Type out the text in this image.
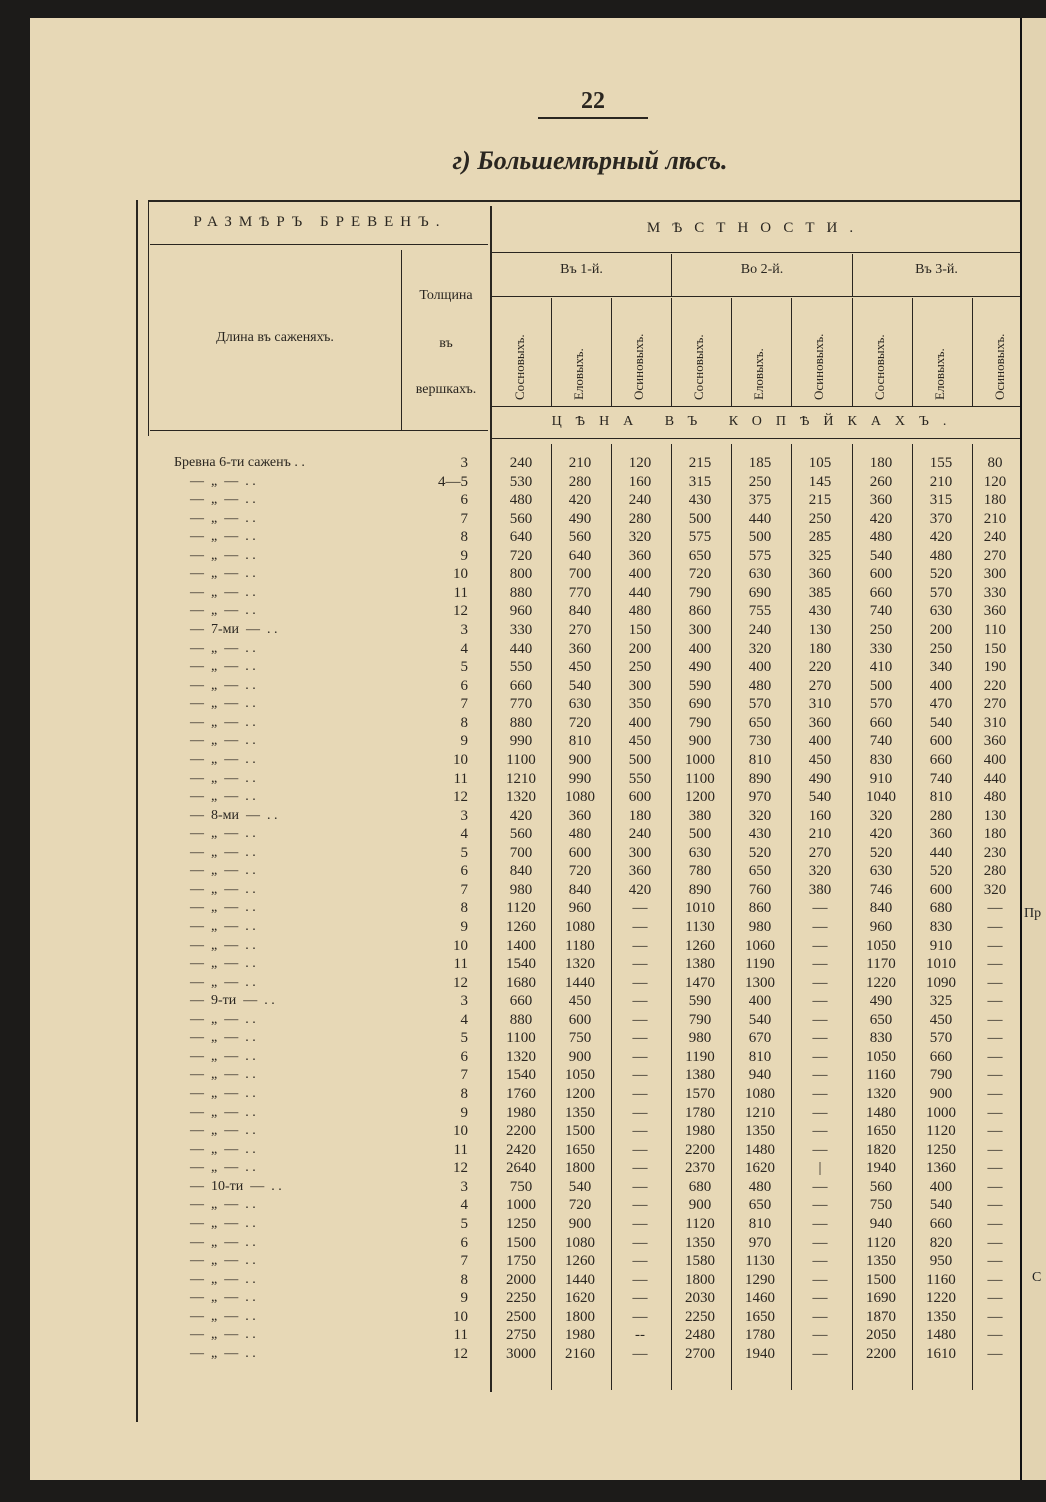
Пр
С
22
г) Большемѣрный лѣсъ.
РАЗМѢРЪ БРЕВЕНЪ.	МѢСТНОСТИ.
Длина въ саженяхъ.
Толщина
въ
вершкахъ.
Въ 1-й.	Во 2-й.	Въ 3-й.
ЦѢНА ВЪ КОПѢЙКАХЪ.
Сосновыхъ.	Еловыхъ.	Осиновыхъ.	Сосновыхъ.	Еловыхъ.	Осиновыхъ.	Сосновыхъ.	Еловыхъ.	Осиновыхъ.
Бревна 6-ти саженъ . .	3	240	210	120	215	185	105	180	155	80
—  „  —  . .	4—5	530	280	160	315	250	145	260	210	120
—  „  —  . .	6	480	420	240	430	375	215	360	315	180
—  „  —  . .	7	560	490	280	500	440	250	420	370	210
—  „  —  . .	8	640	560	320	575	500	285	480	420	240
—  „  —  . .	9	720	640	360	650	575	325	540	480	270
—  „  —  . .	10	800	700	400	720	630	360	600	520	300
—  „  —  . .	11	880	770	440	790	690	385	660	570	330
—  „  —  . .	12	960	840	480	860	755	430	740	630	360
—  7-ми  —  . .	3	330	270	150	300	240	130	250	200	110
—  „  —  . .	4	440	360	200	400	320	180	330	250	150
—  „  —  . .	5	550	450	250	490	400	220	410	340	190
—  „  —  . .	6	660	540	300	590	480	270	500	400	220
—  „  —  . .	7	770	630	350	690	570	310	570	470	270
—  „  —  . .	8	880	720	400	790	650	360	660	540	310
—  „  —  . .	9	990	810	450	900	730	400	740	600	360
—  „  —  . .	10	1100	900	500	1000	810	450	830	660	400
—  „  —  . .	11	1210	990	550	1100	890	490	910	740	440
—  „  —  . .	12	1320	1080	600	1200	970	540	1040	810	480
—  8-ми  —  . .	3	420	360	180	380	320	160	320	280	130
—  „  —  . .	4	560	480	240	500	430	210	420	360	180
—  „  —  . .	5	700	600	300	630	520	270	520	440	230
—  „  —  . .	6	840	720	360	780	650	320	630	520	280
—  „  —  . .	7	980	840	420	890	760	380	746	600	320
—  „  —  . .	8	1120	960	—	1010	860	—	840	680	—
—  „  —  . .	9	1260	1080	—	1130	980	—	960	830	—
—  „  —  . .	10	1400	1180	—	1260	1060	—	1050	910	—
—  „  —  . .	11	1540	1320	—	1380	1190	—	1170	1010	—
—  „  —  . .	12	1680	1440	—	1470	1300	—	1220	1090	—
—  9-ти  —  . .	3	660	450	—	590	400	—	490	325	—
—  „  —  . .	4	880	600	—	790	540	—	650	450	—
—  „  —  . .	5	1100	750	—	980	670	—	830	570	—
—  „  —  . .	6	1320	900	—	1190	810	—	1050	660	—
—  „  —  . .	7	1540	1050	—	1380	940	—	1160	790	—
—  „  —  . .	8	1760	1200	—	1570	1080	—	1320	900	—
—  „  —  . .	9	1980	1350	—	1780	1210	—	1480	1000	—
—  „  —  . .	10	2200	1500	—	1980	1350	—	1650	1120	—
—  „  —  . .	11	2420	1650	—	2200	1480	—	1820	1250	—
—  „  —  . .	12	2640	1800	—	2370	1620	|	1940	1360	—
—  10-ти  —  . .	3	750	540	—	680	480	—	560	400	—
—  „  —  . .	4	1000	720	—	900	650	—	750	540	—
—  „  —  . .	5	1250	900	—	1120	810	—	940	660	—
—  „  —  . .	6	1500	1080	—	1350	970	—	1120	820	—
—  „  —  . .	7	1750	1260	—	1580	1130	—	1350	950	—
—  „  —  . .	8	2000	1440	—	1800	1290	—	1500	1160	—
—  „  —  . .	9	2250	1620	—	2030	1460	—	1690	1220	—
—  „  —  . .	10	2500	1800	—	2250	1650	—	1870	1350	—
—  „  —  . .	11	2750	1980	--	2480	1780	—	2050	1480	—
—  „  —  . .	12	3000	2160	—	2700	1940	—	2200	1610	—
